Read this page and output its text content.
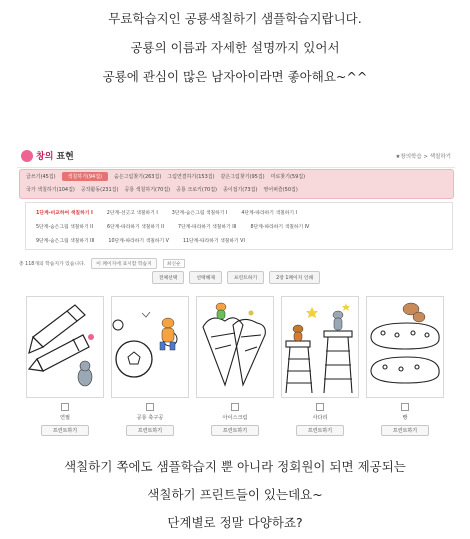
무료학습지인 공룡색칠하기 샘플학습지랍니다.
공룡의 이름과 자세한 설명까지 있어서
공룡에 관심이 많은 남자아이라면 좋아해요~^^
창의 표현	★창의학습 > 색칠하기
글쓰기(45집)	색칠하기(94집)	숨은그림찾기(263집) 그림연결하기(153집) 같은그림찾기(95집) 미로찾기(59집)
국가 색칠하기(104집) 공작활동(231집) 공룡 색칠하기(70집) 공룡 크로키(70집) 종이접기(73집) 영어퍼즐(50집)
1단계-비교하여 색칠하기 I	2단계-선긋고 색칠하기 I	3단계-숨은그림 색칠하기 I	4단계-따라하기 색칠하기 I
5단계-숨은그림 색칠하기 II	6단계-따라하기 색칠하기 II	7단계-따라하기 색칠하기 III	8단계-따라하기 색칠하기 IV
9단계-숨은그림 색칠하기 III	10단계-따라하기 색칠하기 V	11단계-따라하기 색칠하기 VI
총 118개의 학습지가 있습니다.	이 페이지에 표시할 학습지	최신순
전체선택	선택해제	프린트하기	2장 1페이지 인쇄
연필
프린트하기
공룡 축구공
프린트하기
아이스크림
프린트하기
사다리
프린트하기
빵
프린트하기
색칠하기 쪽에도 샘플학습지 뿐 아니라 정회원이 되면 제공되는
색칠하기 프린트들이 있는데요~
단계별로 정말 다양하죠?
